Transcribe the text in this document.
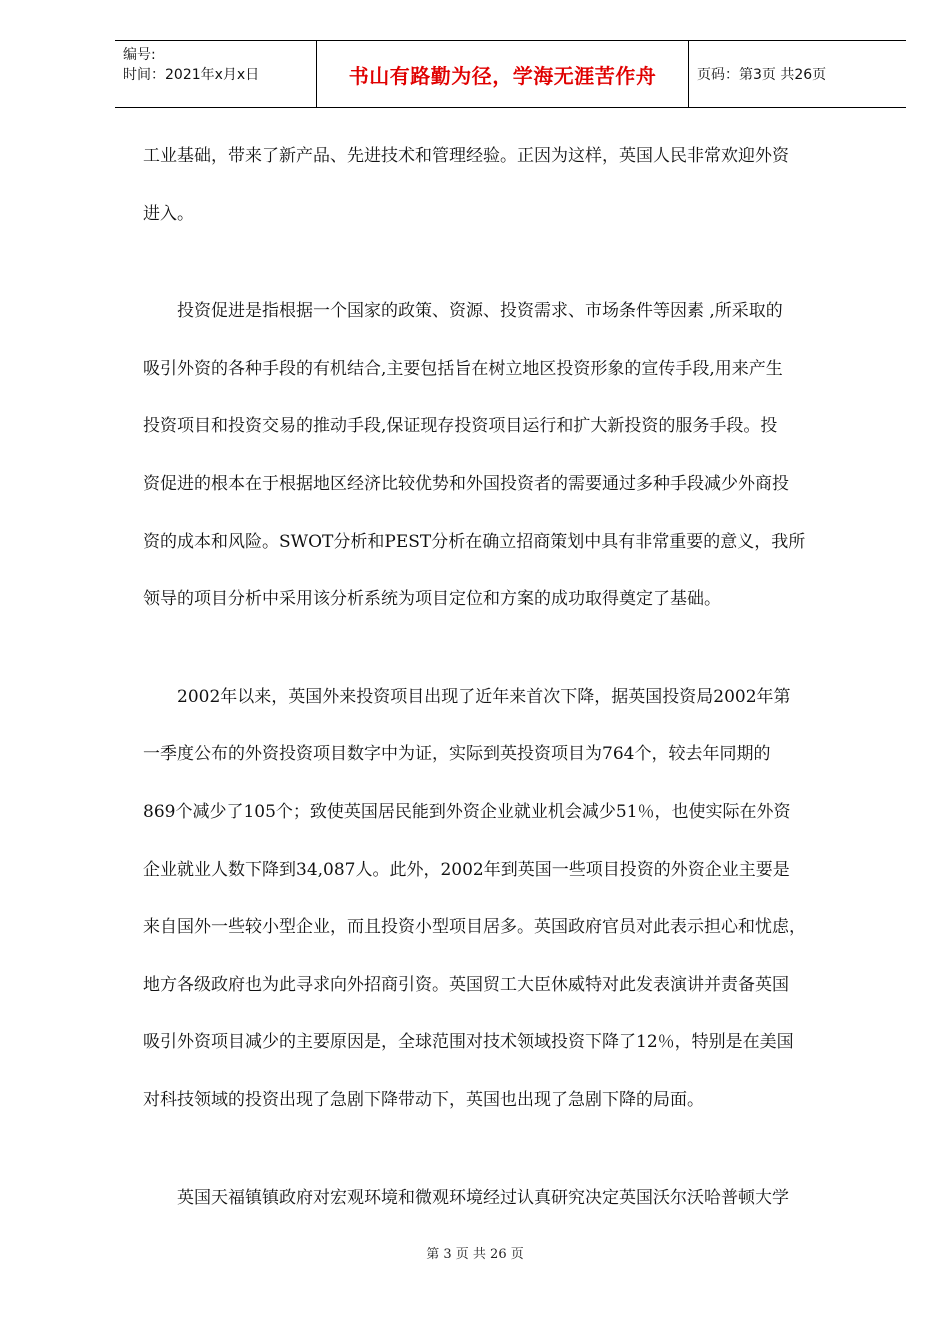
编号:
时间：2021年x月x日	书山有路勤为径，学海无涯苦作舟	页码：第3页 共26页

工业基础，带来了新产品、先进技术和管理经验。正因为这样，英国人民非常欢迎外资

进入。

　　投资促进是指根据一个国家的政策、资源、投资需求、市场条件等因素 ,所采取的

吸引外资的各种手段的有机结合,主要包括旨在树立地区投资形象的宣传手段,用来产生

投资项目和投资交易的推动手段,保证现存投资项目运行和扩大新投资的服务手段。投

资促进的根本在于根据地区经济比较优势和外国投资者的需要通过多种手段减少外商投

资的成本和风险。SWOT分析和PEST分析在确立招商策划中具有非常重要的意义，我所

领导的项目分析中采用该分析系统为项目定位和方案的成功取得奠定了基础。

　　2002年以来，英国外来投资项目出现了近年来首次下降，据英国投资局2002年第

一季度公布的外资投资项目数字中为证，实际到英投资项目为764个，较去年同期的

869个减少了105个；致使英国居民能到外资企业就业机会减少51％，也使实际在外资

企业就业人数下降到34,087人。此外，2002年到英国一些项目投资的外资企业主要是

来自国外一些较小型企业，而且投资小型项目居多。英国政府官员对此表示担心和忧虑，

地方各级政府也为此寻求向外招商引资。英国贸工大臣休威特对此发表演讲并责备英国

吸引外资项目减少的主要原因是，全球范围对技术领域投资下降了12％，特别是在美国

对科技领域的投资出现了急剧下降带动下，英国也出现了急剧下降的局面。

　　英国天福镇镇政府对宏观环境和微观环境经过认真研究决定英国沃尔沃哈普顿大学

第 3 页 共 26 页
